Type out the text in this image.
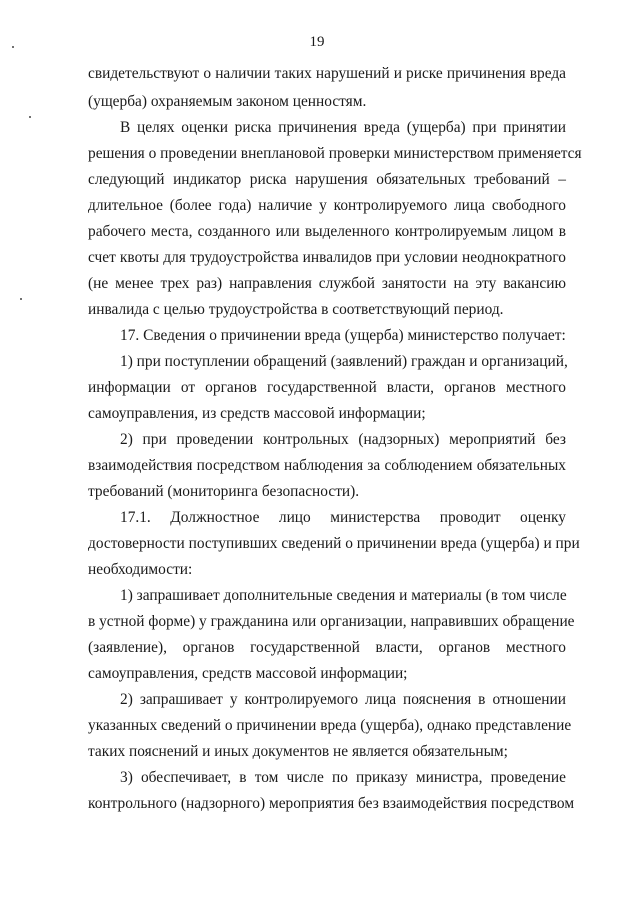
19
свидетельствуют о наличии таких нарушений и риске причинения вреда
(ущерба) охраняемым законом ценностям.
В целях оценки риска причинения вреда (ущерба) при принятии
решения о проведении внеплановой проверки министерством применяется
следующий индикатор риска нарушения обязательных требований –
длительное (более года) наличие у контролируемого лица свободного
рабочего места, созданного или выделенного контролируемым лицом в
счет квоты для трудоустройства инвалидов при условии неоднократного
(не менее трех раз) направления службой занятости на эту вакансию
инвалида с целью трудоустройства в соответствующий период.
17. Сведения о причинении вреда (ущерба) министерство получает:
1) при поступлении обращений (заявлений) граждан и организаций,
информации от органов государственной власти, органов местного
самоуправления, из средств массовой информации;
2) при проведении контрольных (надзорных) мероприятий без
взаимодействия посредством наблюдения за соблюдением обязательных
требований (мониторинга безопасности).
17.1. Должностное лицо министерства проводит оценку
достоверности поступивших сведений о причинении вреда (ущерба) и при
необходимости:
1) запрашивает дополнительные сведения и материалы (в том числе
в устной форме) у гражданина или организации, направивших обращение
(заявление), органов государственной власти, органов местного
самоуправления, средств массовой информации;
2) запрашивает у контролируемого лица пояснения в отношении
указанных сведений о причинении вреда (ущерба), однако представление
таких пояснений и иных документов не является обязательным;
3) обеспечивает, в том числе по приказу министра, проведение
контрольного (надзорного) мероприятия без взаимодействия посредством
